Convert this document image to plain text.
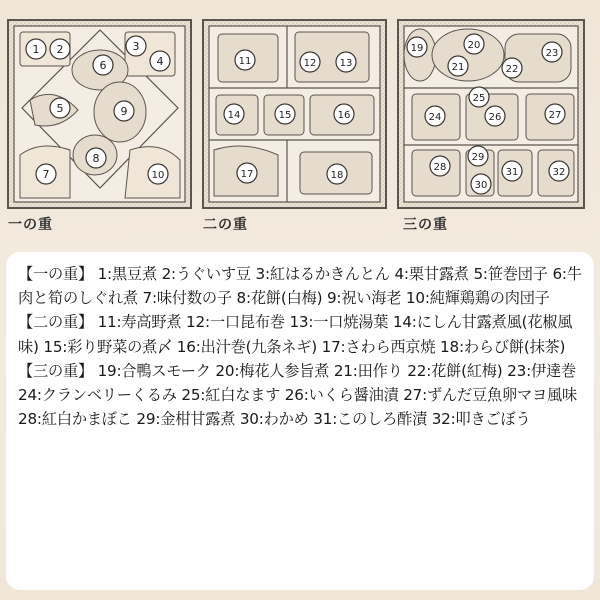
1 2	3
4
5
6
7
8
9
10
11	12 13
14	15	16
17	18
19	20
21	22
23
24
25
26	27
28
29
30
31	32
一の重	二の重	三の重
【一の重】 1:黒豆煮 2:うぐいす豆 3:紅はるかきんとん 4:栗甘露煮 5:笹巻団子 6:牛肉と筍のしぐれ煮 7:味付数の子 8:花餅(白梅) 9:祝い海老 10:純輝鶏鶏の肉団子
【二の重】 11:寿高野煮 12:一口昆布巻 13:一口焼湯葉 14:にしん甘露煮風(花椒風味) 15:彩り野菜の煮〆 16:出汁巻(九条ネギ) 17:さわら西京焼 18:わらび餅(抹茶)
【三の重】 19:合鴨スモーク 20:梅花人参旨煮 21:田作り 22:花餅(紅梅) 23:伊達巻 24:クランベリーくるみ 25:紅白なます 26:いくら醤油漬 27:ずんだ豆魚卵マヨ風味 28:紅白かまぼこ 29:金柑甘露煮 30:わかめ 31:このしろ酢漬 32:叩きごぼう
